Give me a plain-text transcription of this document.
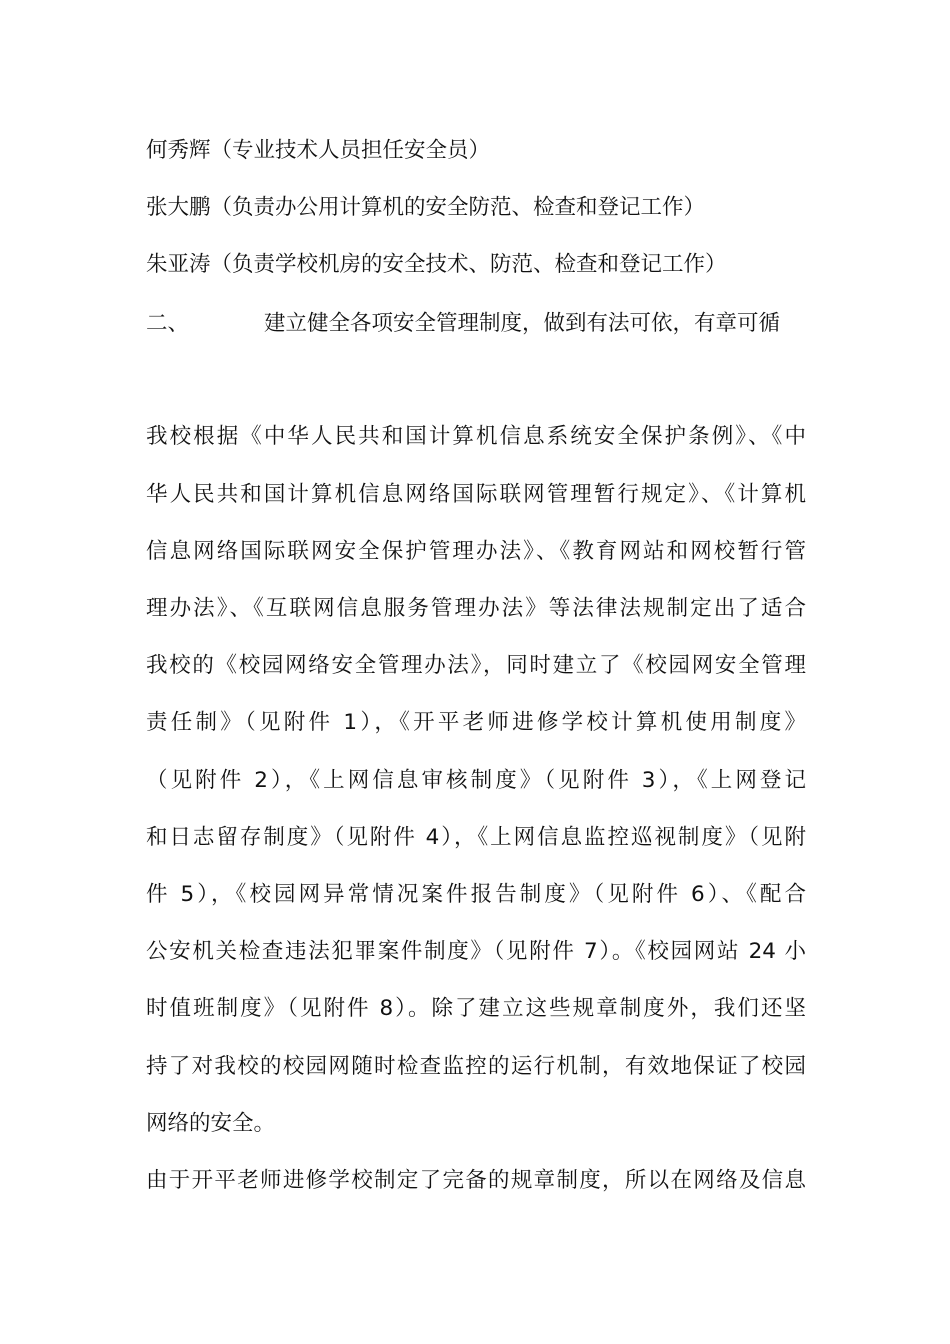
何秀辉（专业技术人员担任安全员）
张大鹏（负责办公用计算机的安全防范、检查和登记工作）
朱亚涛（负责学校机房的安全技术、防范、检查和登记工作）
二、	建立健全各项安全管理制度，做到有法可依，有章可循
我校根据《中华人民共和国计算机信息系统安全保护条例》、《中
华人民共和国计算机信息网络国际联网管理暂行规定》、《计算机
信息网络国际联网安全保护管理办法》、《教育网站和网校暂行管
理办法》、《互联网信息服务管理办法》等法律法规制定出了适合
我校的《校园网络安全管理办法》，同时建立了《校园网安全管理
责任制》（见附件 1），《开平老师进修学校计算机使用制度》
（见附件 2），《上网信息审核制度》（见附件 3），《上网登记
和日志留存制度》（见附件 4），《上网信息监控巡视制度》（见附
件 5），《校园网异常情况案件报告制度》（见附件 6）、《配合
公安机关检查违法犯罪案件制度》（见附件 7）。《校园网站 24 小
时值班制度》（见附件 8）。除了建立这些规章制度外，我们还坚
持了对我校的校园网随时检查监控的运行机制，有效地保证了校园
网络的安全。
由于开平老师进修学校制定了完备的规章制度，所以在网络及信息
